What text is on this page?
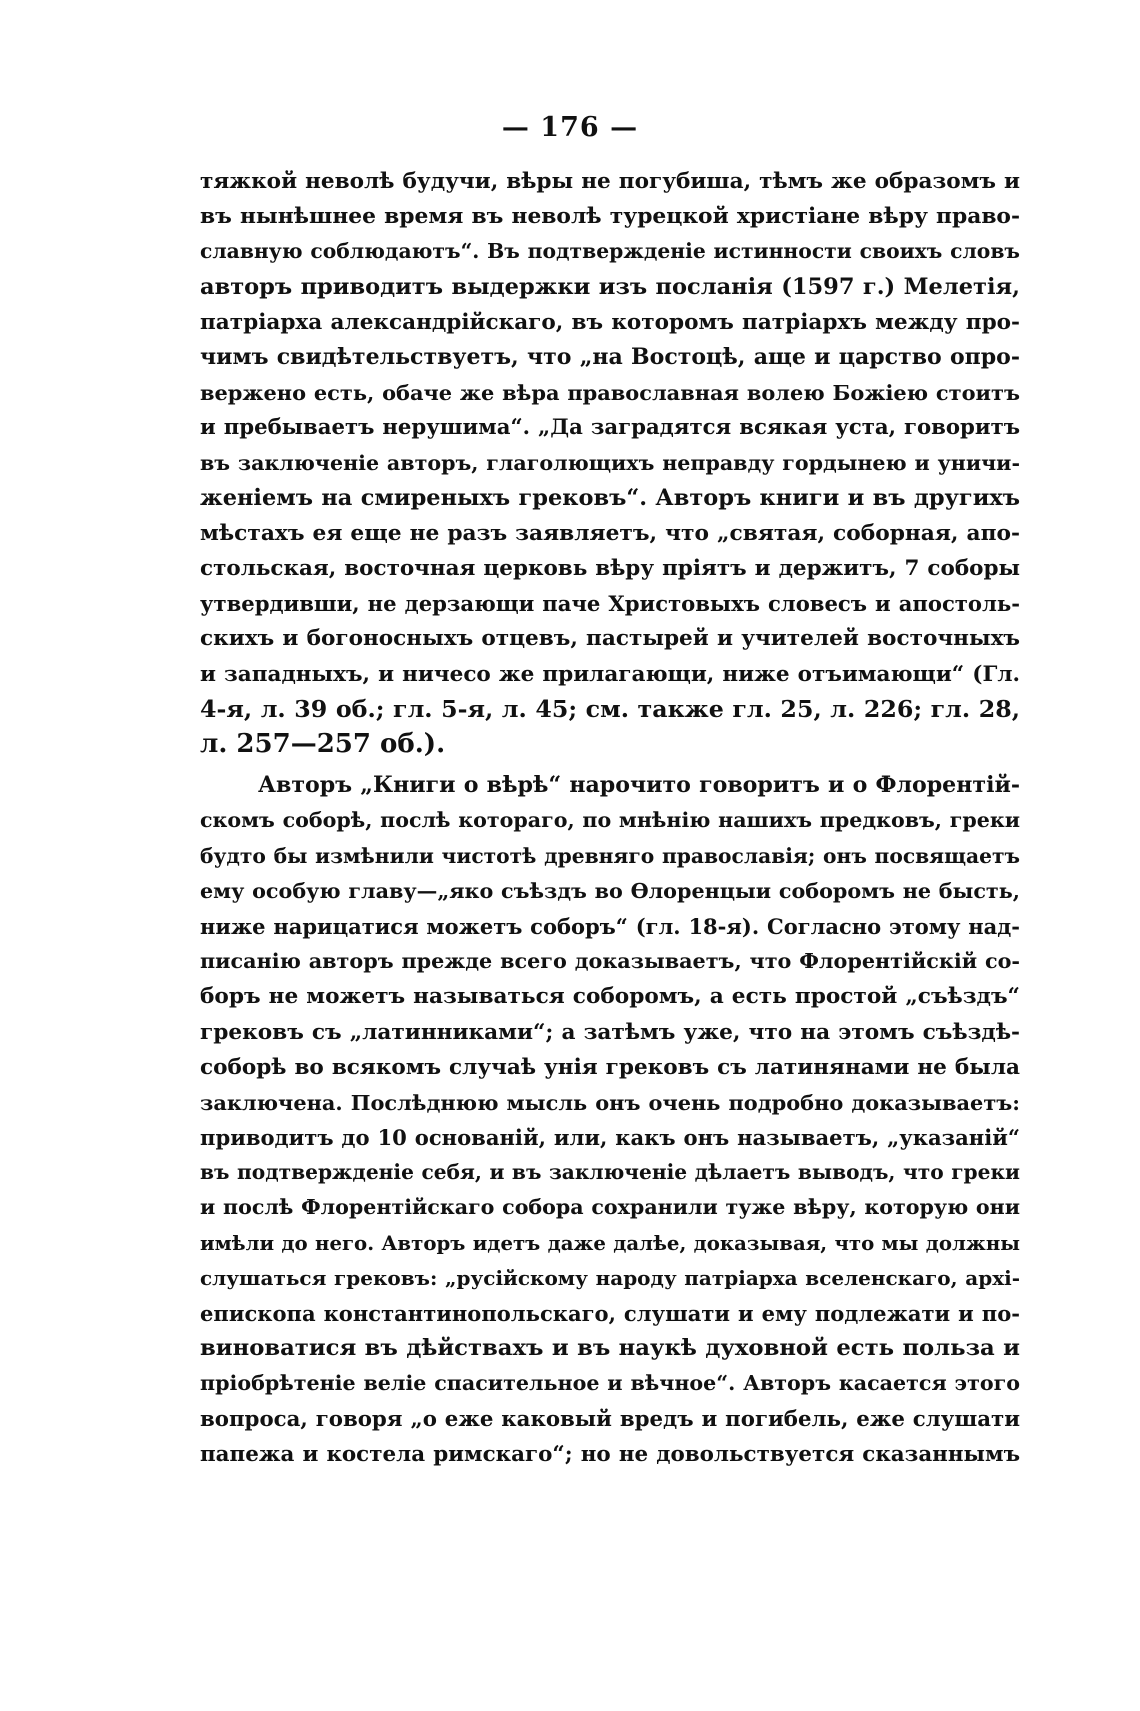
— 176 —
тяжкой неволѣ будучи, вѣры не погубиша, тѣмъ же образомъ и
въ нынѣшнее время въ неволѣ турецкой христіане вѣру право-
славную соблюдаютъ“. Въ подтвержденіе истинности своихъ словъ
авторъ приводитъ выдержки изъ посланія (1597 г.) Мелетія,
патріарха александрійскаго, въ которомъ патріархъ между про-
чимъ свидѣтельствуетъ, что „на Востоцѣ, аще и царство опро-
вержено есть, обаче же вѣра православная волею Божіею стоитъ
и пребываетъ нерушима“. „Да заградятся всякая уста, говоритъ
въ заключеніе авторъ, глаголющихъ неправду гордынею и уничи-
женіемъ на смиреныхъ грековъ“. Авторъ книги и въ другихъ
мѣстахъ ея еще не разъ заявляетъ, что „святая, соборная, апо-
стольская, восточная церковь вѣру пріятъ и держитъ, 7 соборы
утвердивши, не дерзающи паче Христовыхъ словесъ и апостоль-
скихъ и богоносныхъ отцевъ, пастырей и учителей восточныхъ
и западныхъ, и ничесо же прилагающи, ниже отъимающи“ (Гл.
4-я, л. 39 об.; гл. 5-я, л. 45; см. также гл. 25, л. 226; гл. 28,
л. 257—257 об.).
Авторъ „Книги о вѣрѣ“ нарочито говоритъ и о Флорентій-
скомъ соборѣ, послѣ котораго, по мнѣнію нашихъ предковъ, греки
будто бы измѣнили чистотѣ древняго православія; онъ посвящаетъ
ему особую главу—„яко съѣздъ во Ѳлоренцыи соборомъ не бысть,
ниже нарицатися можетъ соборъ“ (гл. 18-я). Согласно этому над-
писанію авторъ прежде всего доказываетъ, что Флорентійскій со-
боръ не можетъ называться соборомъ, а есть простой „съѣздъ“
грековъ съ „латинниками“; а затѣмъ уже, что на этомъ съѣздѣ-
соборѣ во всякомъ случаѣ унія грековъ съ латинянами не была
заключена. Послѣднюю мысль онъ очень подробно доказываетъ:
приводитъ до 10 основаній, или, какъ онъ называетъ, „указаній“
въ подтвержденіе себя, и въ заключеніе дѣлаетъ выводъ, что греки
и послѣ Флорентійскаго собора сохранили туже вѣру, которую они
имѣли до него. Авторъ идетъ даже далѣе, доказывая, что мы должны
слушаться грековъ: „русійскому народу патріарха вселенскаго, архі-
епископа константинопольскаго, слушати и ему подлежати и по-
виноватися въ дѣйствахъ и въ наукѣ духовной есть польза и
пріобрѣтеніе веліе спасительное и вѣчное“. Авторъ касается этого
вопроса, говоря „о еже каковый вредъ и погибель, еже слушати
папежа и костела римскаго“; но не довольствуется сказаннымъ
